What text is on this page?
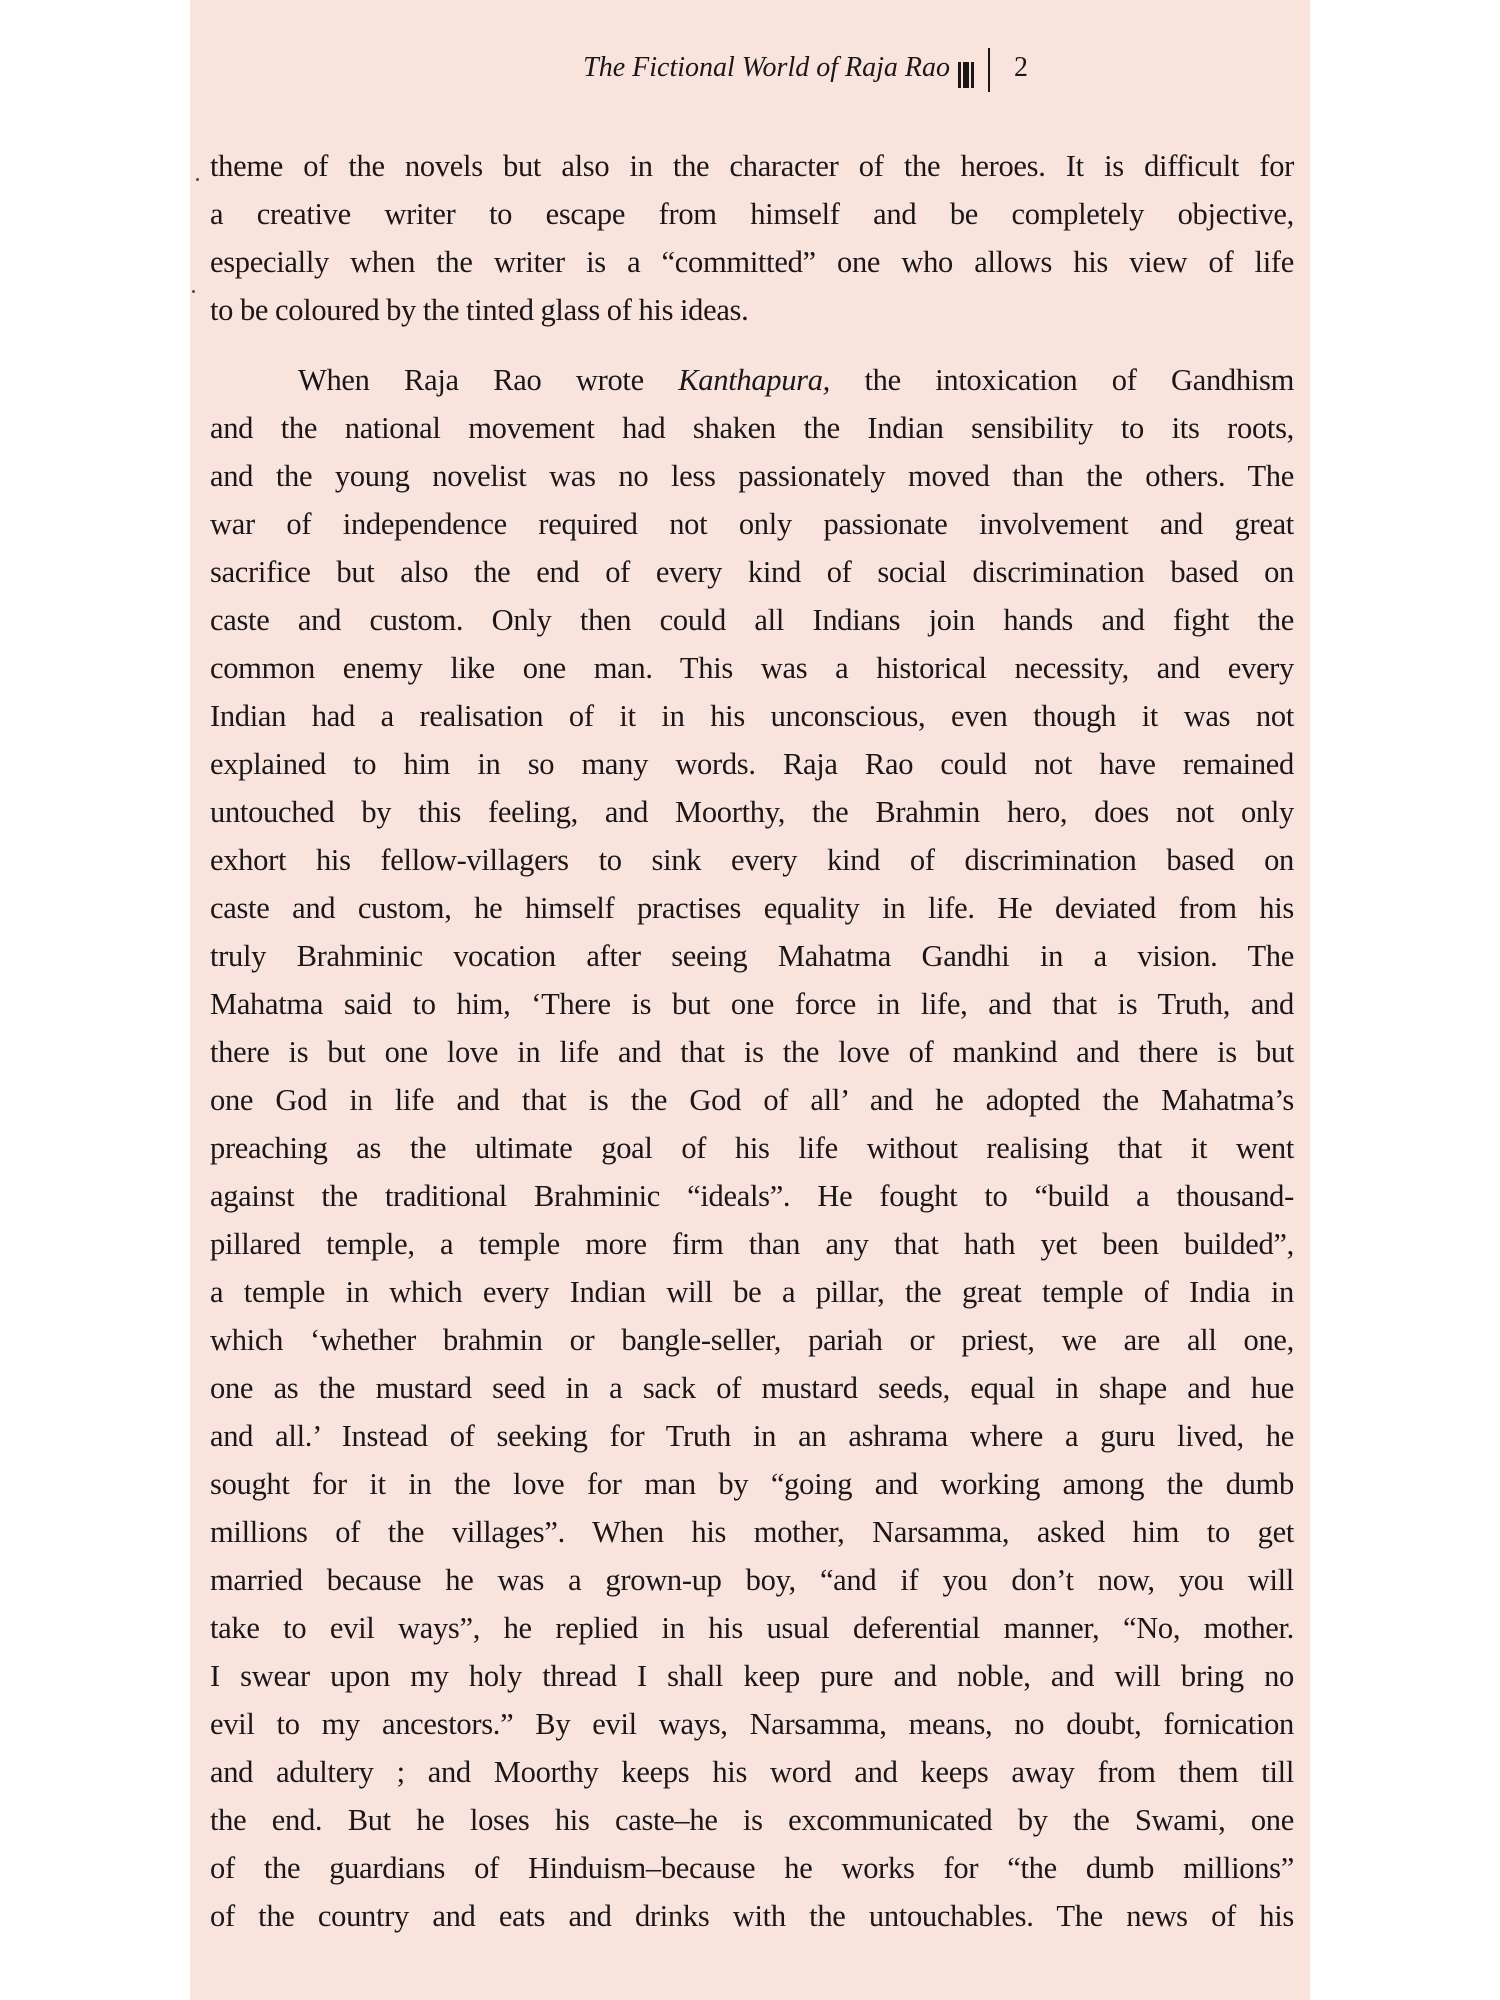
The Fictional World of Raja Rao 2
theme of the novels but also in the character of the heroes. It is difficult for
a creative writer to escape from himself and be completely objective,
especially when the writer is a “committed” one who allows his view of life
to be coloured by the tinted glass of his ideas.
When Raja Rao wrote Kanthapura, the intoxication of Gandhism
and the national movement had shaken the Indian sensibility to its roots,
and the young novelist was no less passionately moved than the others. The
war of independence required not only passionate involvement and great
sacrifice but also the end of every kind of social discrimination based on
caste and custom. Only then could all Indians join hands and fight the
common enemy like one man. This was a historical necessity, and every
Indian had a realisation of it in his unconscious, even though it was not
explained to him in so many words. Raja Rao could not have remained
untouched by this feeling, and Moorthy, the Brahmin hero, does not only
exhort his fellow-villagers to sink every kind of discrimination based on
caste and custom, he himself practises equality in life. He deviated from his
truly Brahminic vocation after seeing Mahatma Gandhi in a vision. The
Mahatma said to him, ‘There is but one force in life, and that is Truth, and
there is but one love in life and that is the love of mankind and there is but
one God in life and that is the God of all’ and he adopted the Mahatma’s
preaching as the ultimate goal of his life without realising that it went
against the traditional Brahminic “ideals”. He fought to “build a thousand-
pillared temple, a temple more firm than any that hath yet been builded”,
a temple in which every Indian will be a pillar, the great temple of India in
which ‘whether brahmin or bangle-seller, pariah or priest, we are all one,
one as the mustard seed in a sack of mustard seeds, equal in shape and hue
and all.’ Instead of seeking for Truth in an ashrama where a guru lived, he
sought for it in the love for man by “going and working among the dumb
millions of the villages”. When his mother, Narsamma, asked him to get
married because he was a grown-up boy, “and if you don’t now, you will
take to evil ways”, he replied in his usual deferential manner, “No, mother.
I swear upon my holy thread I shall keep pure and noble, and will bring no
evil to my ancestors.” By evil ways, Narsamma, means, no doubt, fornication
and adultery ; and Moorthy keeps his word and keeps away from them till
the end. But he loses his caste–he is excommunicated by the Swami, one
of the guardians of Hinduism–because he works for “the dumb millions”
of the country and eats and drinks with the untouchables. The news of his
